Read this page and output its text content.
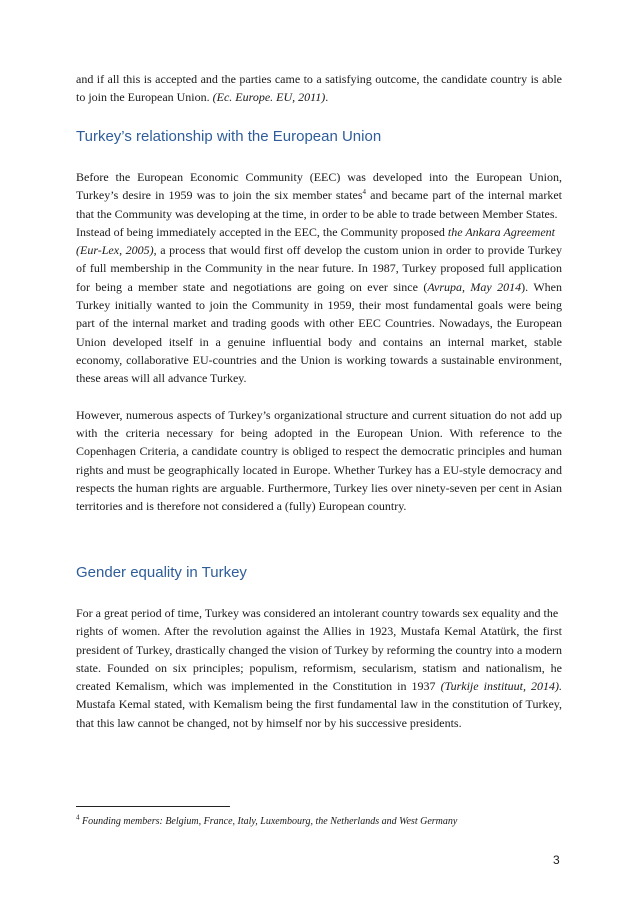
and if all this is accepted and the parties came to a satisfying outcome, the candidate country is able to join the European Union. (Ec. Europe. EU, 2011).

Turkey’s relationship with the European Union

Before the European Economic Community (EEC) was developed into the European Union, Turkey’s desire in 1959 was to join the six member states$^4$ and became part of the internal market that the Community was developing at the time, in order to be able to trade between Member States.

Instead of being immediately accepted in the EEC, the Community proposed the Ankara Agreement
(Eur-Lex, 2005), a process that would first off develop the custom union in order to provide Turkey of full membership in the Community in the near future. In 1987, Turkey proposed full application for being a member state and negotiations are going on ever since (Avrupa, May 2014). When Turkey initially wanted to join the Community in 1959, their most fundamental goals were being part of the internal market and trading goods with other EEC Countries. Nowadays, the European Union developed itself in a genuine influential body and contains an internal market, stable economy, collaborative EU-countries and the Union is working towards a sustainable environment, these areas will all advance Turkey.

However, numerous aspects of Turkey’s organizational structure and current situation do not add up with the criteria necessary for being adopted in the European Union. With reference to the Copenhagen Criteria, a candidate country is obliged to respect the democratic principles and human rights and must be geographically located in Europe. Whether Turkey has a EU-style democracy and respects the human rights are arguable. Furthermore, Turkey lies over ninety-seven per cent in Asian territories and is therefore not considered a (fully) European country.

Gender equality in Turkey

For a great period of time, Turkey was considered an intolerant country towards sex equality and the
rights of women. After the revolution against the Allies in 1923, Mustafa Kemal Atatürk, the first president of Turkey, drastically changed the vision of Turkey by reforming the country into a modern state. Founded on six principles; populism, reformism, secularism, statism and nationalism, he created Kemalism, which was implemented in the Constitution in 1937 (Turkije instituut, 2014). Mustafa Kemal stated, with Kemalism being the first fundamental law in the constitution of Turkey, that this law cannot be changed, not by himself nor by his successive presidents.

$^4$ Founding members: Belgium, France, Italy, Luxembourg, the Netherlands and West Germany
3
